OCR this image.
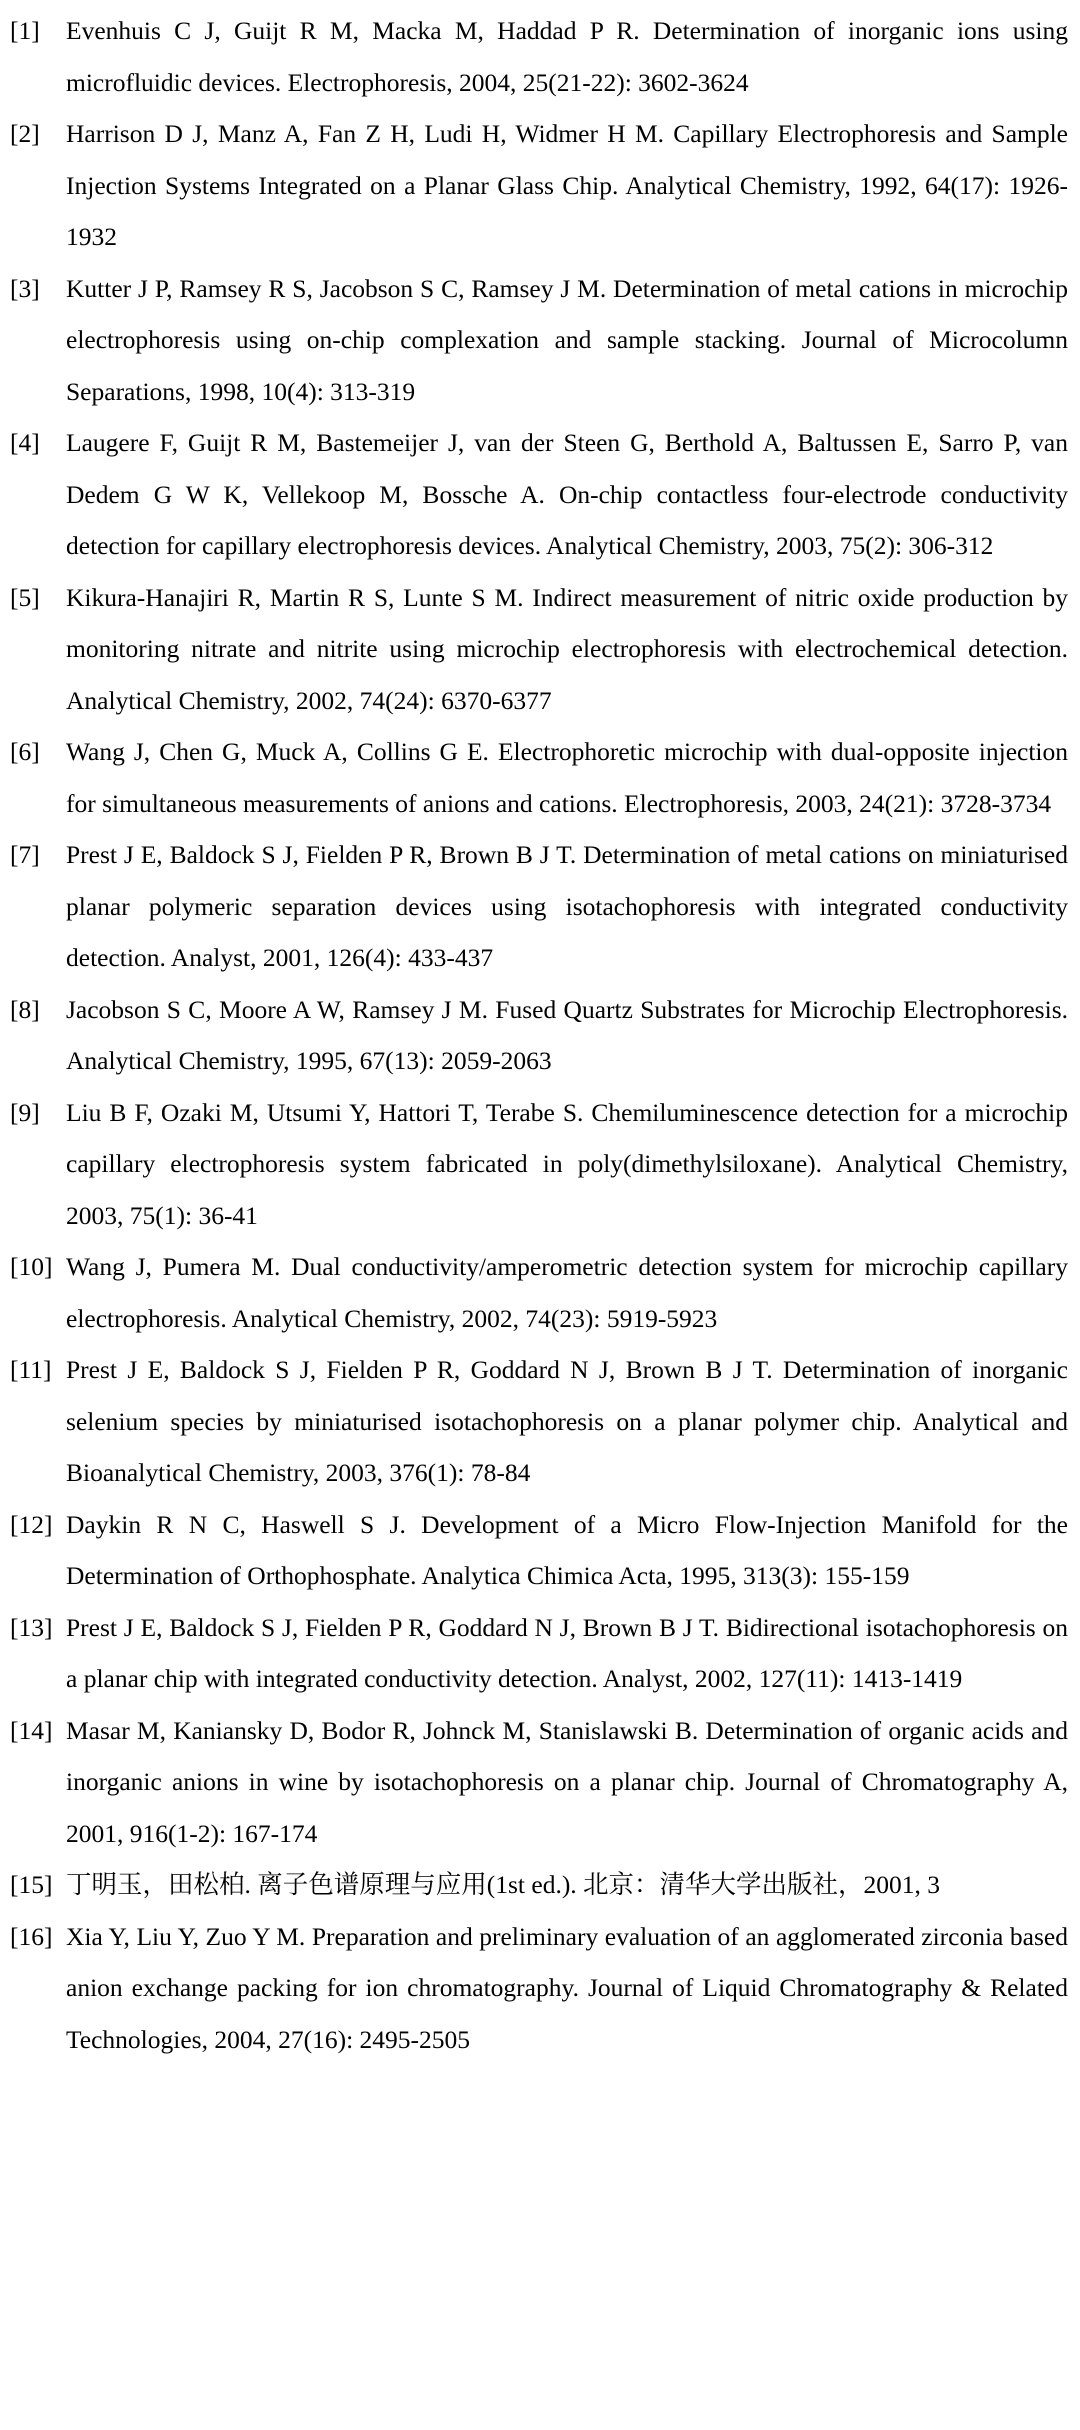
[1]	Evenhuis C J, Guijt R M, Macka M, Haddad P R. Determination of inorganic ions using microfluidic devices. Electrophoresis, 2004, 25(21-22): 3602-3624
[2]	Harrison D J, Manz A, Fan Z H, Ludi H, Widmer H M. Capillary Electrophoresis and Sample Injection Systems Integrated on a Planar Glass Chip. Analytical Chemistry, 1992, 64(17): 1926-1932
[3]	Kutter J P, Ramsey R S, Jacobson S C, Ramsey J M. Determination of metal cations in microchip electrophoresis using on-chip complexation and sample stacking. Journal of Microcolumn Separations, 1998, 10(4): 313-319
[4]	Laugere F, Guijt R M, Bastemeijer J, van der Steen G, Berthold A, Baltussen E, Sarro P, van Dedem G W K, Vellekoop M, Bossche A. On-chip contactless four-electrode conductivity detection for capillary electrophoresis devices. Analytical Chemistry, 2003, 75(2): 306-312
[5]	Kikura-Hanajiri R, Martin R S, Lunte S M. Indirect measurement of nitric oxide production by monitoring nitrate and nitrite using microchip electrophoresis with electrochemical detection. Analytical Chemistry, 2002, 74(24): 6370-6377
[6]	Wang J, Chen G, Muck A, Collins G E. Electrophoretic microchip with dual-opposite injection for simultaneous measurements of anions and cations. Electrophoresis, 2003, 24(21): 3728-3734
[7]	Prest J E, Baldock S J, Fielden P R, Brown B J T. Determination of metal cations on miniaturised planar polymeric separation devices using isotachophoresis with integrated conductivity detection. Analyst, 2001, 126(4): 433-437
[8]	Jacobson S C, Moore A W, Ramsey J M. Fused Quartz Substrates for Microchip Electrophoresis. Analytical Chemistry, 1995, 67(13): 2059-2063
[9]	Liu B F, Ozaki M, Utsumi Y, Hattori T, Terabe S. Chemiluminescence detection for a microchip capillary electrophoresis system fabricated in poly(dimethylsiloxane). Analytical Chemistry, 2003, 75(1): 36-41
[10] Wang J, Pumera M. Dual conductivity/amperometric detection system for microchip capillary electrophoresis. Analytical Chemistry, 2002, 74(23): 5919-5923
[11] Prest J E, Baldock S J, Fielden P R, Goddard N J, Brown B J T. Determination of inorganic selenium species by miniaturised isotachophoresis on a planar polymer chip. Analytical and Bioanalytical Chemistry, 2003, 376(1): 78-84
[12] Daykin R N C, Haswell S J. Development of a Micro Flow-Injection Manifold for the Determination of Orthophosphate. Analytica Chimica Acta, 1995, 313(3): 155-159
[13] Prest J E, Baldock S J, Fielden P R, Goddard N J, Brown B J T. Bidirectional isotachophoresis on a planar chip with integrated conductivity detection. Analyst, 2002, 127(11): 1413-1419
[14] Masar M, Kaniansky D, Bodor R, Johnck M, Stanislawski B. Determination of organic acids and inorganic anions in wine by isotachophoresis on a planar chip. Journal of Chromatography A, 2001, 916(1-2): 167-174
[15] 丁明玉，田松柏. 离子色谱原理与应用(1st ed.). 北京：清华大学出版社，2001, 3
[16] Xia Y, Liu Y, Zuo Y M. Preparation and preliminary evaluation of an agglomerated zirconia based anion exchange packing for ion chromatography. Journal of Liquid Chromatography & Related Technologies, 2004, 27(16): 2495-2505
